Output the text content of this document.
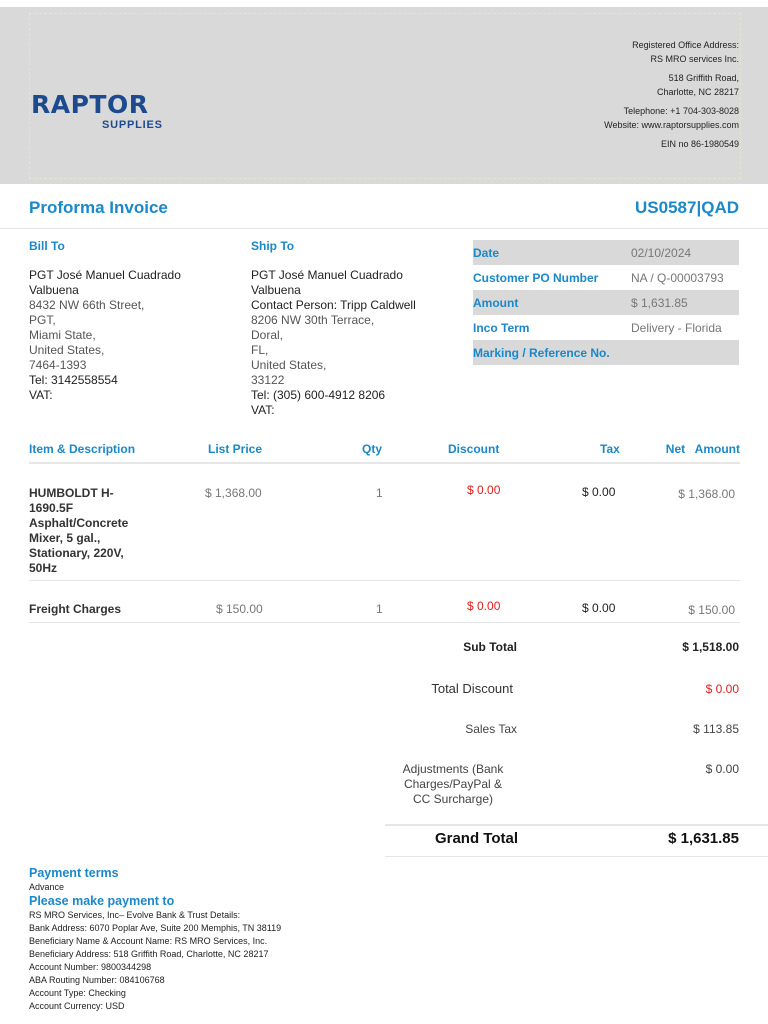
RAPTOR
SUPPLIES
Registered Office Address:
RS MRO services Inc.
518 Griffith Road,
Charlotte, NC 28217
Telephone: +1 704-303-8028
Website: www.raptorsupplies.com
EIN no 86-1980549
Proforma Invoice	US0587|QAD
Bill To
PGT José Manuel Cuadrado
Valbuena
8432 NW 66th Street,
PGT,
Miami State,
United States,
7464-1393
Tel: 3142558554
VAT:
Ship To
PGT José Manuel Cuadrado
Valbuena
Contact Person: Tripp Caldwell
8206 NW 30th Terrace,
Doral,
FL,
United States,
33122
Tel: (305) 600-4912 8206
VAT:
Date	02/10/2024
Customer PO Number	NA / Q-00003793
Amount	$ 1,631.85
Inco Term	Delivery - Florida
Marking / Reference No.
Item & Description	List Price	Qty	Discount	Tax	Net   Amount
HUMBOLDT H-
1690.5F
Asphalt/Concrete
Mixer, 5 gal.,
Stationary, 220V,
50Hz
$ 1,368.00	1	$ 0.00	$ 0.00	$ 1,368.00
Freight Charges	$ 150.00	1	$ 0.00	$ 0.00	$ 150.00
Sub Total	$ 1,518.00
Total Discount	$ 0.00
Sales Tax	$ 113.85
Adjustments (Bank
Charges/PayPal &
CC Surcharge)
$ 0.00
Grand Total	$ 1,631.85
Payment terms
Advance
Please make payment to
RS MRO Services, Inc– Evolve Bank & Trust Details:
Bank Address: 6070 Poplar Ave, Suite 200 Memphis, TN 38119
Beneficiary Name & Account Name: RS MRO Services, Inc.
Beneficiary Address: 518 Griffith Road, Charlotte, NC 28217
Account Number: 9800344298
ABA Routing Number: 084106768
Account Type: Checking
Account Currency: USD
